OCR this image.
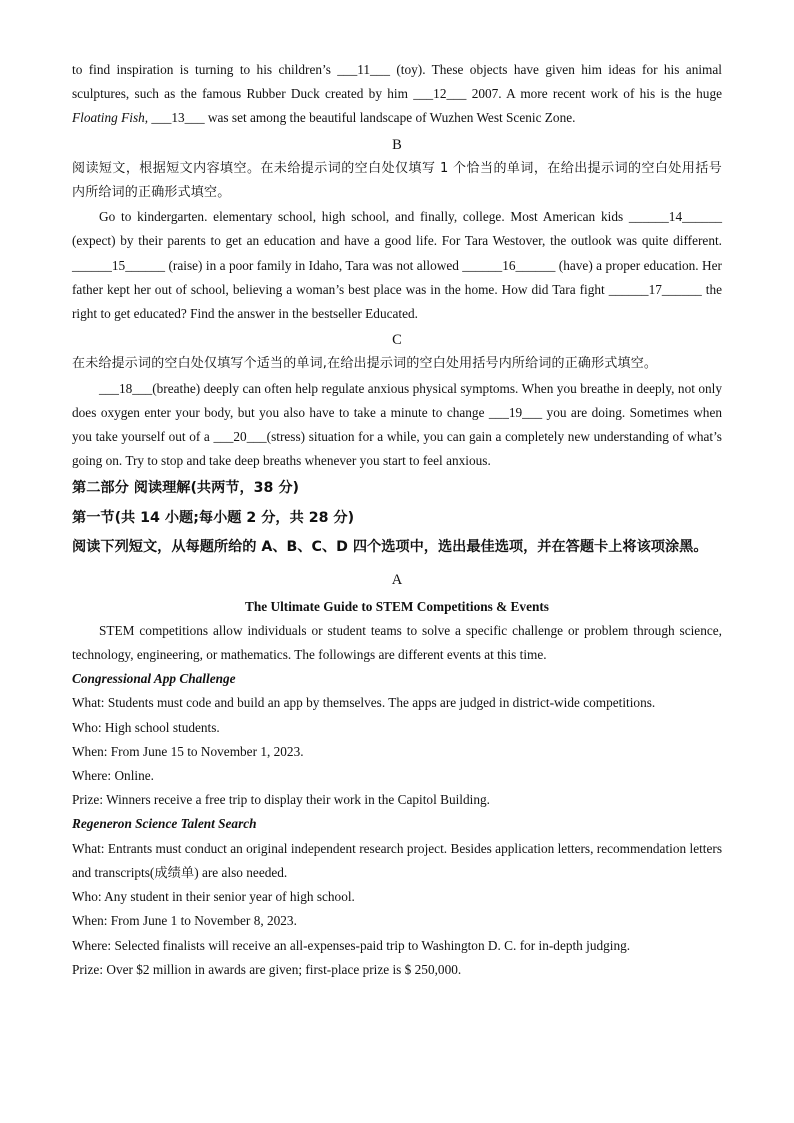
to find inspiration is turning to his children’s ___11___ (toy). These objects have given him ideas for his animal sculptures, such as the famous Rubber Duck created by him ___12___ 2007. A more recent work of his is the huge Floating Fish, ___13___ was set among the beautiful landscape of Wuzhen West Scenic Zone.

B

阅读短文，根据短文内容填空。在未给提示词的空白处仅填写 1 个恰当的单词，在给出提示词的空白处用括号内所给词的正确形式填空。

Go to kindergarten. elementary school, high school, and finally, college. Most American kids ______14______ (expect) by their parents to get an education and have a good life. For Tara Westover, the outlook was quite different. ______15______ (raise) in a poor family in Idaho, Tara was not allowed ______16______ (have) a proper education. Her father kept her out of school, believing a woman’s best place was in the home. How did Tara fight ______17______ the right to get educated? Find the answer in the bestseller Educated.

C

在未给提示词的空白处仅填写个适当的单词,在给出提示词的空白处用括号内所给词的正确形式填空。

___18___(breathe) deeply can often help regulate anxious physical symptoms. When you breathe in deeply, not only does oxygen enter your body, but you also have to take a minute to change ___19___ you are doing. Sometimes when you take yourself out of a ___20___(stress) situation for a while, you can gain a completely new understanding of what’s going on. Try to stop and take deep breaths whenever you start to feel anxious.

第二部分 阅读理解(共两节，38 分)

第一节(共 14 小题;每小题 2 分，共 28 分)

阅读下列短文，从每题所给的 A、B、C、D 四个选项中，选出最佳选项，并在答题卡上将该项涂黑。

A

The Ultimate Guide to STEM Competitions & Events

STEM competitions allow individuals or student teams to solve a specific challenge or problem through science, technology, engineering, or mathematics. The followings are different events at this time.

Congressional App Challenge

What: Students must code and build an app by themselves. The apps are judged in district-wide competitions.

Who: High school students.

When: From June 15 to November 1, 2023.

Where: Online.

Prize: Winners receive a free trip to display their work in the Capitol Building.

Regeneron Science Talent Search

What: Entrants must conduct an original independent research project. Besides application letters, recommendation letters and transcripts(成绩单) are also needed.

Who: Any student in their senior year of high school.

When: From June 1 to November 8, 2023.

Where: Selected finalists will receive an all-expenses-paid trip to Washington D. C. for in-depth judging.

Prize: Over $2 million in awards are given; first-place prize is $ 250,000.
